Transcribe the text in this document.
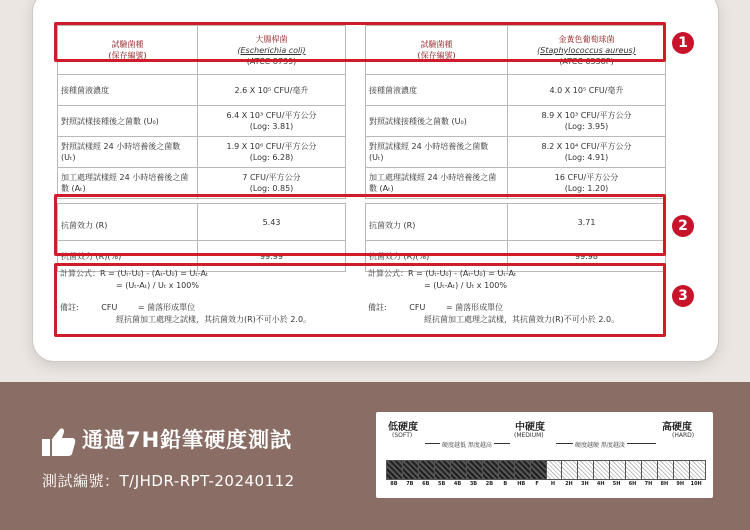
試驗菌種
(保存編號)	大腸桿菌
(Escherichia coli)
(ATCC 8739)
接種菌液濃度	2.6 X 10⁵ CFU/毫升

對照試樣接種後之菌數 (U₀)	6.4 X 10³ CFU/平方公分
(Log: 3.81)

對照試樣經 24 小時培養後之菌數 (Uₜ)	1.9 X 10⁶ CFU/平方公分
(Log: 6.28)

加工處理試樣經 24 小時培養後之菌數 (Aₜ)	7 CFU/平方公分
(Log: 0.85)

抗菌效力 (R)	5.43

抗菌效力 (R)(%)	99.99
試驗菌種
(保存編號)	金黃色葡萄球菌
(Staphylococcus aureus)
(ATCC 6538P)
接種菌液濃度	4.0 X 10⁵ CFU/毫升

對照試樣接種後之菌數 (U₀)	8.9 X 10³ CFU/平方公分
(Log: 3.95)

對照試樣經 24 小時培養後之菌數 (Uₜ)	8.2 X 10⁴ CFU/平方公分
(Log: 4.91)

加工處理試樣經 24 小時培養後之菌數 (Aₜ)	16 CFU/平方公分
(Log: 1.20)

抗菌效力 (R)	3.71

抗菌效力 (R)(%)	99.98
計算公式：R = (Uₜ-U₀) - (Aₜ-U₀) = Uₜ-Aₜ
= (Uₜ-Aₜ) / Uₜ x 100%
備註:	CFU	= 菌落形成單位
經抗菌加工處理之試樣，其抗菌效力(R)不可小於 2.0。
計算公式：R = (Uₜ-U₀) - (Aₜ-U₀) = Uₜ-Aₜ
= (Uₜ-Aₜ) / Uₜ x 100%
備註:	CFU	= 菌落形成單位
經抗菌加工處理之試樣，其抗菌效力(R)不可小於 2.0。
1
2
3
通過7H鉛筆硬度測試
測試編號：T/JHDR-RPT-20240112
低硬度
(SOFT)
中硬度
(MEDIUM)
高硬度
(HARD)
硬度越低 黑度越高	硬度越硬 黑度越淡
8B	7B	6B	5B	4B	3B	2B	B	HB	F	H	2H	3H	4H	5H	6H	7H	8H	9H	10H
